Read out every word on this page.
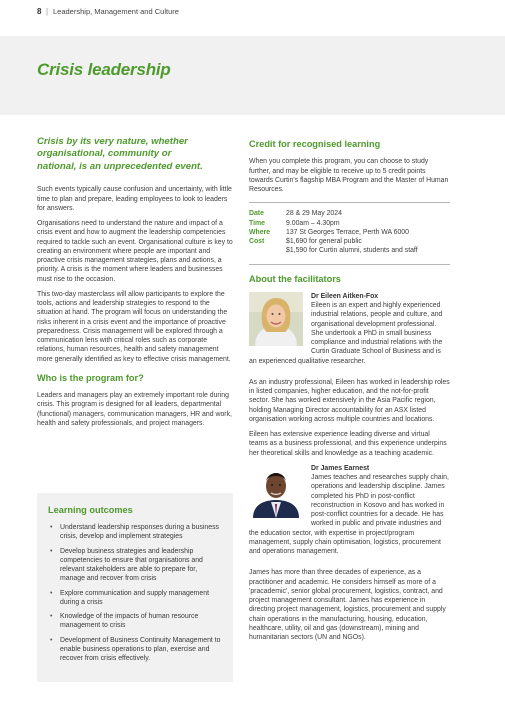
8 | Leadership, Management and Culture
Crisis leadership
Crisis by its very nature, whether organisational, community or national, is an unprecedented event.

Such events typically cause confusion and uncertainty, with little time to plan and prepare, leading employees to look to leaders for answers.

Organisations need to understand the nature and impact of a crisis event and how to augment the leadership competencies required to tackle such an event. Organisational culture is key to creating an environment where people are important and proactive crisis management strategies, plans and actions, a priority. A crisis is the moment where leaders and businesses must rise to the occasion.

This two-day masterclass will allow participants to explore the tools, actions and leadership strategies to respond to the situation at hand. The program will focus on understanding the risks inherent in a crisis event and the importance of proactive preparedness. Crisis management will be explored through a communication lens with critical roles such as corporate relations, human resources, health and safety management more generally identified as key to effective crisis management.

Who is the program for?

Leaders and managers play an extremely important role during crisis. This program is designed for all leaders, departmental (functional) managers, communication managers, HR and work, health and safety professionals, and project managers.

Learning outcomes
• Understand leadership responses during a business crisis, develop and implement strategies
• Develop business strategies and leadership competencies to ensure that organisations and relevant stakeholders are able to prepare for, manage and recover from crisis
• Explore communication and supply management during a crisis
• Knowledge of the impacts of human resource management to crisis
• Development of Business Continuity Management to enable business operations to plan, exercise and recover from crisis effectively.
Credit for recognised learning

When you complete this program, you can choose to study further, and may be eligible to receive up to 5 credit points towards Curtin's flagship MBA Program and the Master of Human Resources.

Date	28 & 29 May 2024
Time	9.00am – 4.30pm
Where	137 St Georges Terrace, Perth WA 6000
Cost	$1,690 for general public
$1,590 for Curtin alumni, students and staff
About the facilitators
Dr Eileen Aitken-Fox

Eileen is an expert and highly experienced industrial relations, people and culture, and organisational development professional. She undertook a PhD in small business compliance and industrial relations with the Curtin Graduate School of Business and is an experienced qualitative researcher.

As an industry professional, Eileen has worked in leadership roles in listed companies, higher education, and the not-for-profit sector. She has worked extensively in the Asia Pacific region, holding Managing Director accountability for an ASX listed organisation working across multiple countries and locations.

Eileen has extensive experience leading diverse and virtual teams as a business professional, and this experience underpins her theoretical skills and knowledge as a teaching academic.

Dr James Earnest

James teaches and researches supply chain, operations and leadership discipline. James completed his PhD in post-conflict reconstruction in Kosovo and has worked in post-conflict countries for a decade. He has worked in public and private industries and the education sector, with expertise in project/program management, supply chain optimisation, logistics, procurement and operations management.

James has more than three decades of experience, as a practitioner and academic. He considers himself as more of a 'pracademic', senior global procurement, logistics, contract, and project management consultant. James has experience in directing project management, logistics, procurement and supply chain operations in the manufacturing, housing, education, healthcare, utility, oil and gas (downstream), mining and humanitarian sectors (UN and NGOs).
